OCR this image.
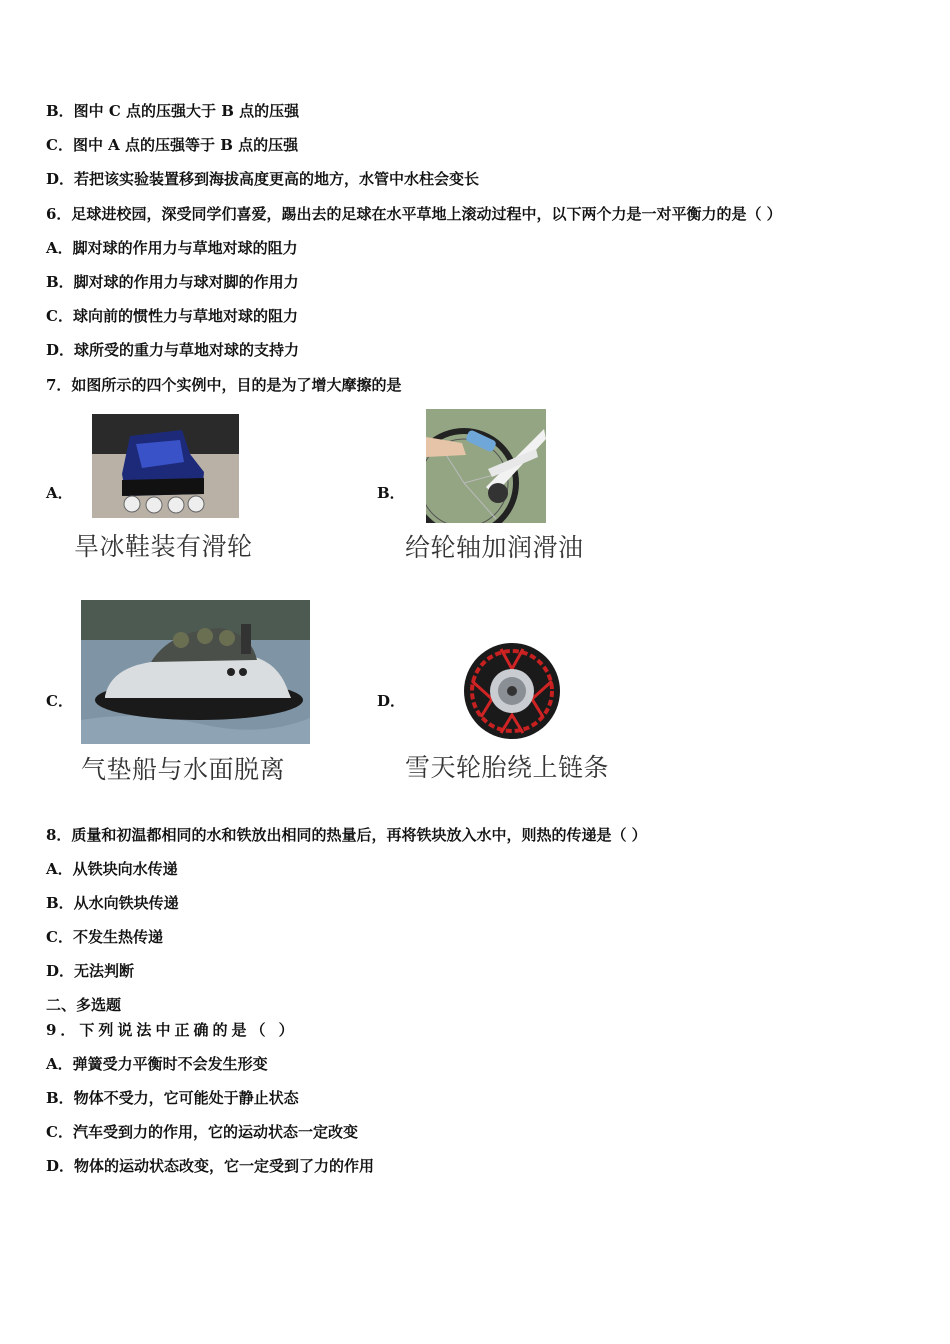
B．图中 C 点的压强大于 B 点的压强
C．图中 A 点的压强等于 B 点的压强
D．若把该实验装置移到海拔高度更高的地方，水管中水柱会变长
6．足球进校园，深受同学们喜爱，踢出去的足球在水平草地上滚动过程中，以下两个力是一对平衡力的是（ ）
A．脚对球的作用力与草地对球的阻力
B．脚对球的作用力与球对脚的作用力
C．球向前的惯性力与草地对球的阻力
D．球所受的重力与草地对球的支持力
7．如图所示的四个实例中，目的是为了增大摩擦的是
A．
旱冰鞋装有滑轮
B．
给轮轴加润滑油
C．
气垫船与水面脱离
D．
雪天轮胎绕上链条
8．质量和初温都相同的水和铁放出相同的热量后，再将铁块放入水中，则热的传递是（ ）
A．从铁块向水传递
B．从水向铁块传递
C．不发生热传递
D．无法判断
二、多选题
9．下列说法中正确的是（ ）
A．弹簧受力平衡时不会发生形变
B．物体不受力，它可能处于静止状态
C．汽车受到力的作用，它的运动状态一定改变
D．物体的运动状态改变，它一定受到了力的作用
